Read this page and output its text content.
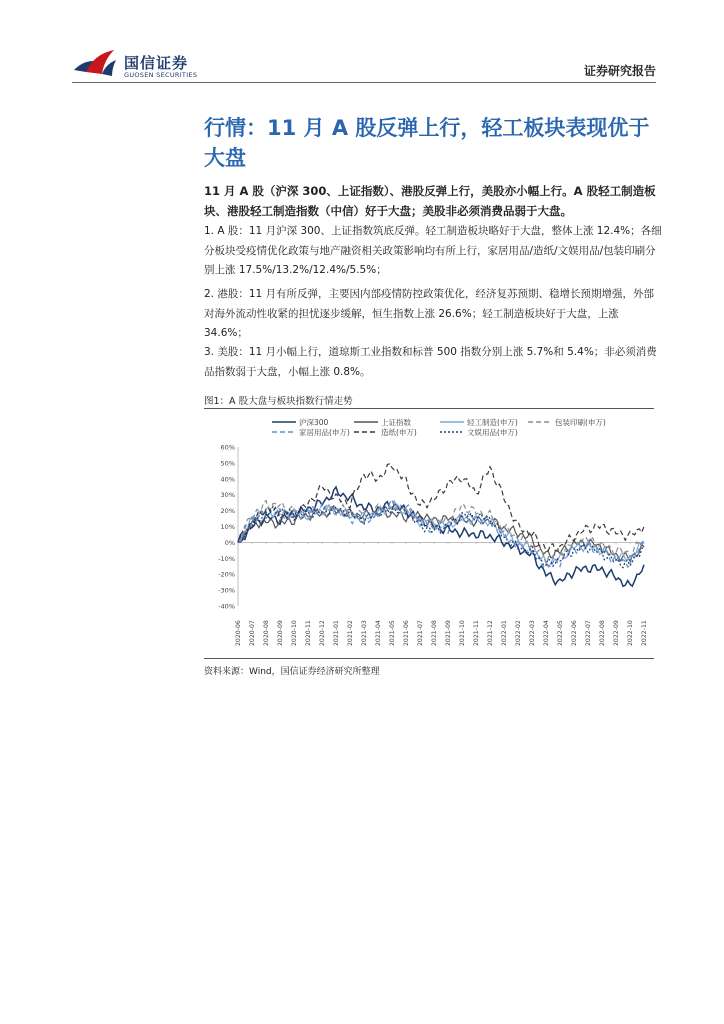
国信证券
GUOSEN SECURITIES	证券研究报告
行情：11 月 A 股反弹上行，轻工板块表现优于大盘
11 月 A 股（沪深 300、上证指数）、港股反弹上行，美股亦小幅上行。A 股轻工制造板块、港股轻工制造指数（中信）好于大盘；美股非必须消费品弱于大盘。
1. A 股：11 月沪深 300、上证指数筑底反弹。轻工制造板块略好于大盘，整体上涨 12.4%；各细分板块受疫情优化政策与地产融资相关政策影响均有所上行，家居用品/造纸/文娱用品/包装印刷分别上涨 17.5%/13.2%/12.4%/5.5%；
2. 港股：11 月有所反弹，主要因内部疫情防控政策优化，经济复苏预期、稳增长预期增强，外部对海外流动性收紧的担忧逐步缓解，恒生指数上涨 26.6%；轻工制造板块好于大盘，上涨 34.6%；
3. 美股：11 月小幅上行，道琼斯工业指数和标普 500 指数分别上涨 5.7%和 5.4%；非必须消费品指数弱于大盘，小幅上涨 0.8%。
图1：A 股大盘与板块指数行情走势
沪深300	上证指数	轻工制造(申万)	包装印刷(申万)
家居用品(申万)	造纸(申万)	文娱用品(申万)
60%
50%
40%
30%
20%
10%
0%
-10%
-20%
-30%
-40%
2020-06 2020-07 2020-08 2020-09 2020-10 2020-11 2020-12 2021-01 2021-02 2021-03 2021-04 2021-05 2021-06 2021-07 2021-08 2021-09 2021-10 2021-11 2021-12 2022-01 2022-02 2022-03 2022-04 2022-05 2022-06 2022-07 2022-08 2022-09 2022-10 2022-11
资料来源：Wind，国信证券经济研究所整理
